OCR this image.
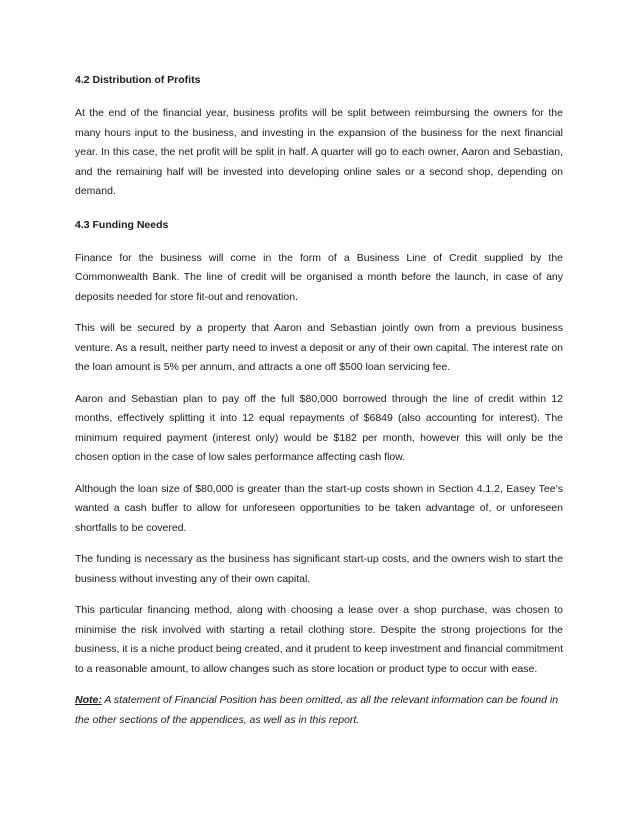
4.2 Distribution of Profits

At the end of the financial year, business profits will be split between reimbursing the owners for the many hours input to the business, and investing in the expansion of the business for the next financial year. In this case, the net profit will be split in half. A quarter will go to each owner, Aaron and Sebastian, and the remaining half will be invested into developing online sales or a second shop, depending on demand.

4.3 Funding Needs

Finance for the business will come in the form of a Business Line of Credit supplied by the Commonwealth Bank. The line of credit will be organised a month before the launch, in case of any deposits needed for store fit-out and renovation.

This will be secured by a property that Aaron and Sebastian jointly own from a previous business venture. As a result, neither party need to invest a deposit or any of their own capital. The interest rate on the loan amount is 5% per annum, and attracts a one off $500 loan servicing fee.

Aaron and Sebastian plan to pay off the full $80,000 borrowed through the line of credit within 12 months, effectively splitting it into 12 equal repayments of $6849 (also accounting for interest). The minimum required payment (interest only) would be $182 per month, however this will only be the chosen option in the case of low sales performance affecting cash flow.

Although the loan size of $80,000 is greater than the start-up costs shown in Section 4.1.2, Easey Tee’s wanted a cash buffer to allow for unforeseen opportunities to be taken advantage of, or unforeseen shortfalls to be covered.

The funding is necessary as the business has significant start-up costs, and the owners wish to start the business without investing any of their own capital.

This particular financing method, along with choosing a lease over a shop purchase, was chosen to minimise the risk involved with starting a retail clothing store. Despite the strong projections for the business, it is a niche product being created, and it prudent to keep investment and financial commitment to a reasonable amount, to allow changes such as store location or product type to occur with ease.

Note: A statement of Financial Position has been omitted, as all the relevant information can be found in the other sections of the appendices, as well as in this report.
